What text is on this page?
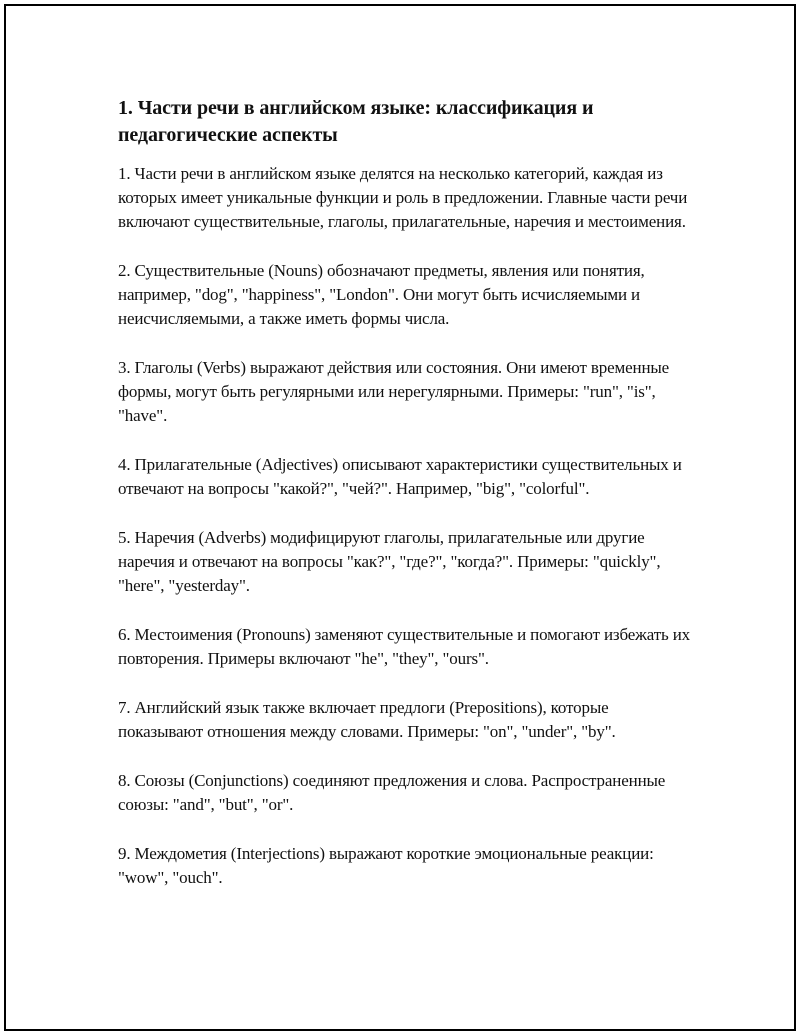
1. Части речи в английском языке: классификация и педагогические аспекты

1. Части речи в английском языке делятся на несколько категорий, каждая из которых имеет уникальные функции и роль в предложении. Главные части речи включают существительные, глаголы, прилагательные, наречия и местоимения.

2. Существительные (Nouns) обозначают предметы, явления или понятия, например, "dog", "happiness", "London". Они могут быть исчисляемыми и неисчисляемыми, а также иметь формы числа.

3. Глаголы (Verbs) выражают действия или состояния. Они имеют временные формы, могут быть регулярными или нерегулярными. Примеры: "run", "is", "have".

4. Прилагательные (Adjectives) описывают характеристики существительных и отвечают на вопросы "какой?", "чей?". Например, "big", "colorful".

5. Наречия (Adverbs) модифицируют глаголы, прилагательные или другие наречия и отвечают на вопросы "как?", "где?", "когда?". Примеры: "quickly", "here", "yesterday".

6. Местоимения (Pronouns) заменяют существительные и помогают избежать их повторения. Примеры включают "he", "they", "ours".

7. Английский язык также включает предлоги (Prepositions), которые показывают отношения между словами. Примеры: "on", "under", "by".

8. Союзы (Conjunctions) соединяют предложения и слова. Распространенные союзы: "and", "but", "or".

9. Междометия (Interjections) выражают короткие эмоциональные реакции: "wow", "ouch".
